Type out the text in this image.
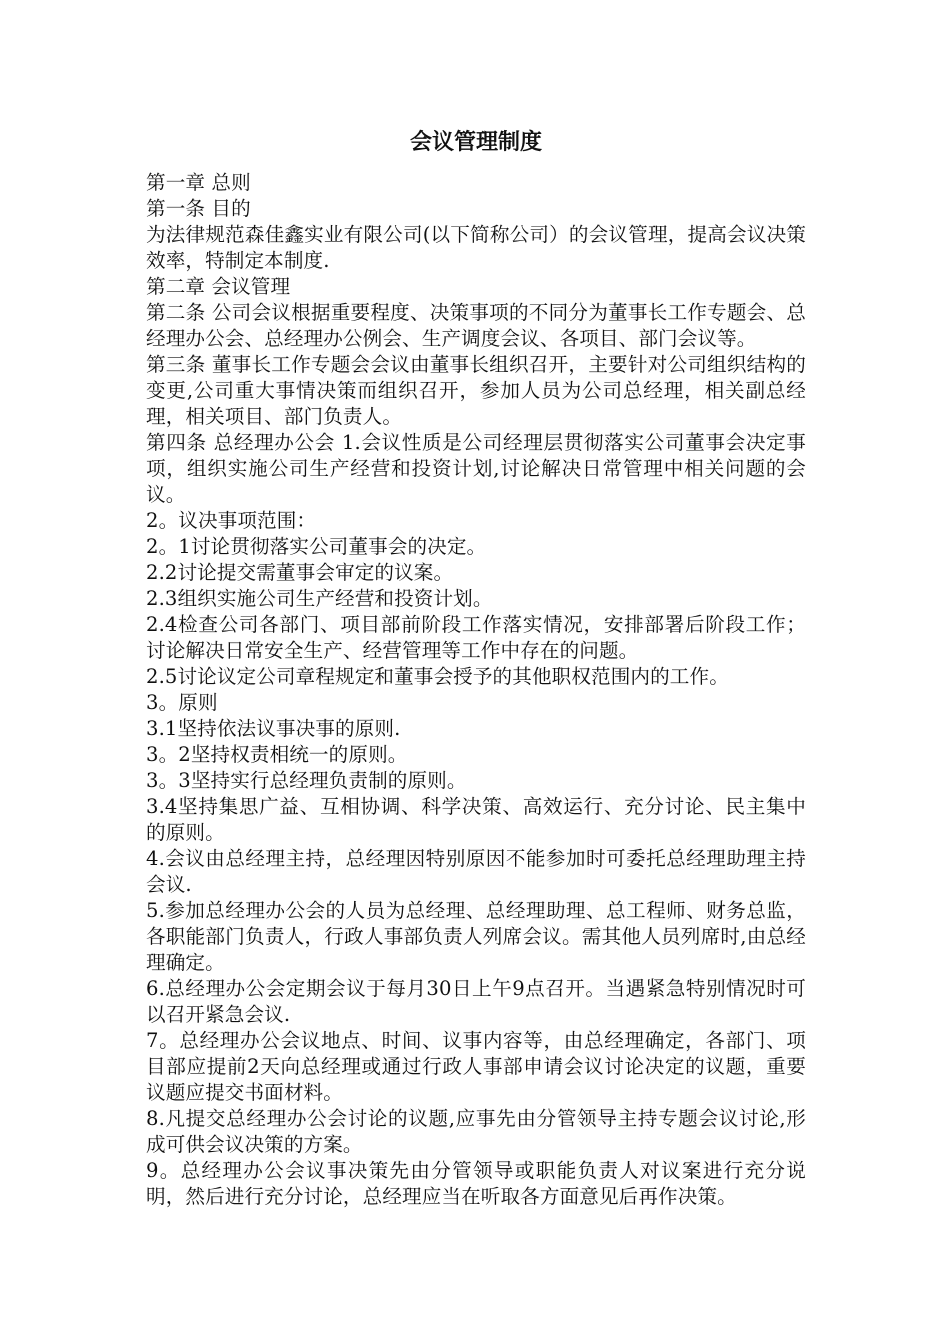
会议管理制度

第一章 总则

第一条 目的

为法律规范森佳鑫实业有限公司(以下简称公司）的会议管理，提高会议决策效率，特制定本制度.

第二章 会议管理

第二条 公司会议根据重要程度、决策事项的不同分为董事长工作专题会、总经理办公会、总经理办公例会、生产调度会议、各项目、部门会议等。

第三条 董事长工作专题会会议由董事长组织召开，主要针对公司组织结构的变更,公司重大事情决策而组织召开，参加人员为公司总经理，相关副总经理，相关项目、部门负责人。

第四条 总经理办公会 1.会议性质是公司经理层贯彻落实公司董事会决定事项，组织实施公司生产经营和投资计划,讨论解决日常管理中相关问题的会议。

2。议决事项范围：

2。1讨论贯彻落实公司董事会的决定。

2.2讨论提交需董事会审定的议案。

2.3组织实施公司生产经营和投资计划。

2.4检查公司各部门、项目部前阶段工作落实情况，安排部署后阶段工作；讨论解决日常安全生产、经营管理等工作中存在的问题。

2.5讨论议定公司章程规定和董事会授予的其他职权范围内的工作。

3。原则

3.1坚持依法议事决事的原则.

3。2坚持权责相统一的原则。

3。3坚持实行总经理负责制的原则。

3.4坚持集思广益、互相协调、科学决策、高效运行、充分讨论、民主集中的原则。

4.会议由总经理主持，总经理因特别原因不能参加时可委托总经理助理主持会议.

5.参加总经理办公会的人员为总经理、总经理助理、总工程师、财务总监，各职能部门负责人，行政人事部负责人列席会议。需其他人员列席时,由总经理确定。

6.总经理办公会定期会议于每月30日上午9点召开。当遇紧急特别情况时可以召开紧急会议.

7。总经理办公会议地点、时间、议事内容等，由总经理确定，各部门、项目部应提前2天向总经理或通过行政人事部申请会议讨论决定的议题，重要议题应提交书面材料。

8.凡提交总经理办公会讨论的议题,应事先由分管领导主持专题会议讨论,形成可供会议决策的方案。

9。总经理办公会议事决策先由分管领导或职能负责人对议案进行充分说明，然后进行充分讨论，总经理应当在听取各方面意见后再作决策。
